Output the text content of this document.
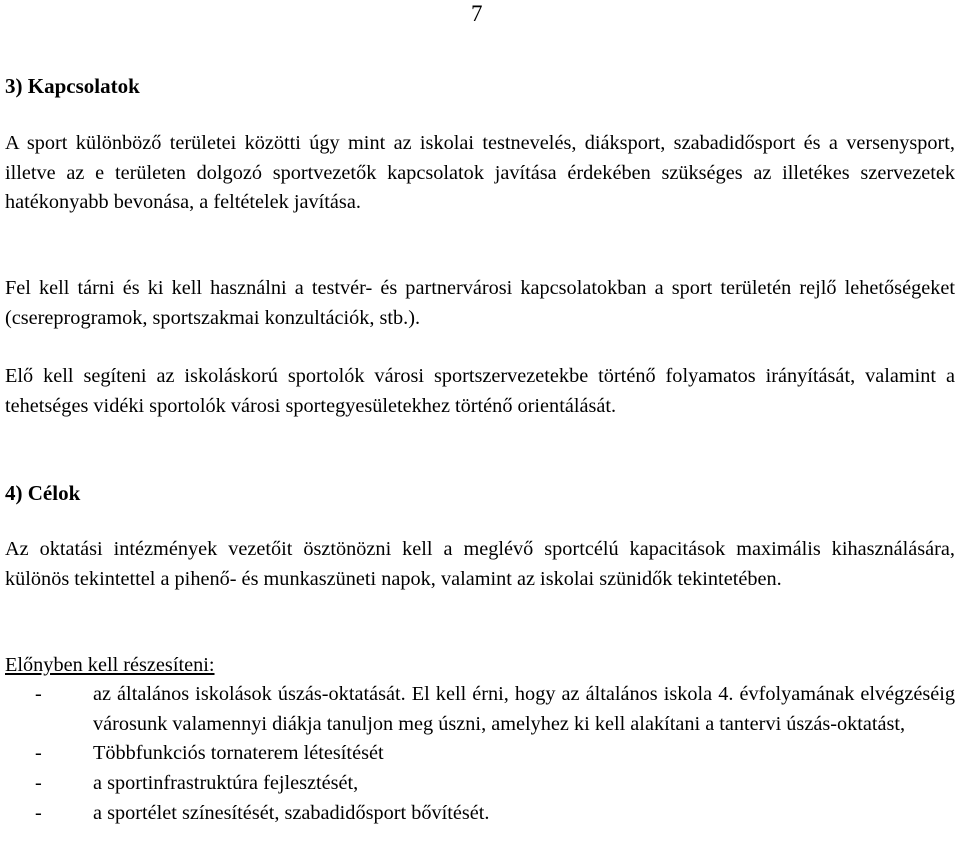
7
3) Kapcsolatok
A sport különböző területei közötti úgy mint az iskolai testnevelés, diáksport, szabadidősport és a versenysport, illetve az e területen dolgozó sportvezetők kapcsolatok javítása érdekében szükséges az illetékes szervezetek hatékonyabb bevonása, a feltételek javítása.
Fel kell tárni és ki kell használni a testvér- és partnervárosi kapcsolatokban a sport területén rejlő lehetőségeket (csereprogramok, sportszakmai konzultációk, stb.).
Elő kell segíteni az iskoláskorú sportolók városi sportszervezetekbe történő folyamatos irányítását, valamint a tehetséges vidéki sportolók városi sportegyesületekhez történő orientálását.
4) Célok
Az oktatási intézmények vezetőit ösztönözni kell a meglévő sportcélú kapacitások maximális kihasználására, különös tekintettel a pihenő- és munkaszüneti napok, valamint az iskolai szünidők tekintetében.
Előnyben kell részesíteni:
-	az általános iskolások úszás-oktatását. El kell érni, hogy az általános iskola 4. évfolyamának elvégzéséig városunk valamennyi diákja tanuljon meg úszni, amelyhez ki kell alakítani a tantervi úszás-oktatást,
-	Többfunkciós tornaterem létesítését
-	a sportinfrastruktúra fejlesztését,
-	a sportélet színesítését, szabadidősport bővítését.
